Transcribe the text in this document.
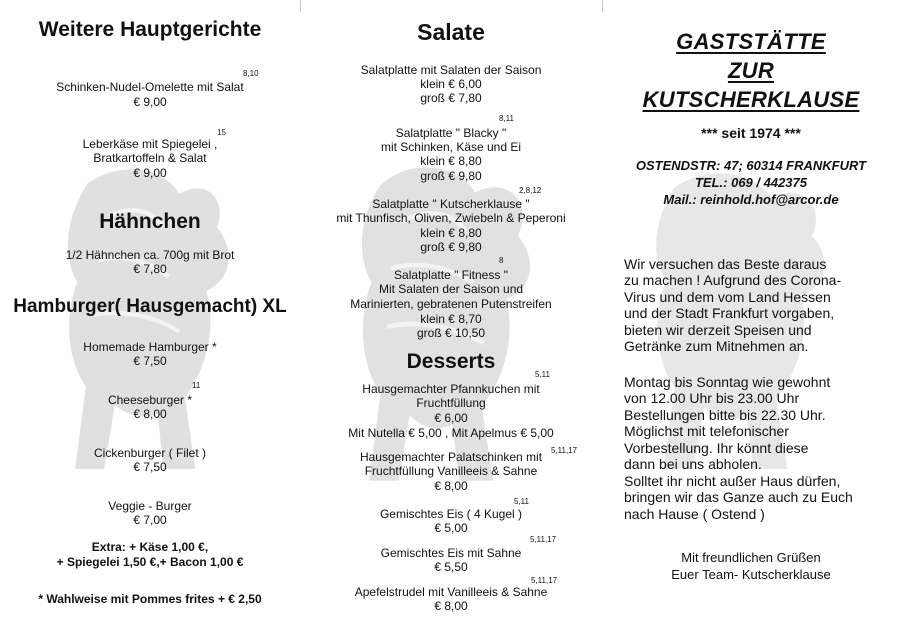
Weitere Hauptgerichte
8,10
Schinken-Nudel-Omelette mit Salat
€ 9,00
15
Leberkäse mit Spiegelei ,
Bratkartoffeln & Salat
€ 9,00
Hähnchen
1/2 Hähnchen ca. 700g mit Brot
€ 7,80
Hamburger( Hausgemacht) XL
Homemade Hamburger *
€ 7,50
11
Cheeseburger *
€ 8,00
Cickenburger ( Filet )
€ 7,50
Veggie - Burger
€ 7,00
Extra: + Käse 1,00 €,
+ Spiegelei 1,50 €,+ Bacon 1,00 €
* Wahlweise mit Pommes frites + € 2,50
Salate
Salatplatte mit Salaten der Saison
klein € 6,00
groß € 7,80
8,11
Salatplatte " Blacky "
mit Schinken, Käse und Ei
klein € 8,80
groß € 9,80
2,8,12
Salatplatte " Kutscherklause "
mit Thunfisch, Oliven, Zwiebeln & Peperoni
klein € 8,80
groß € 9,80
8
Salatplatte " Fitness "
Mit Salaten der Saison und
Marinierten, gebratenen Putenstreifen
klein € 8,70
groß € 10,50
Desserts
5,11
Hausgemachter Pfannkuchen mit
Fruchtfüllung
€ 6,00
Mit Nutella € 5,00 , Mit Apelmus € 5,00
5,11,17
Hausgemachter Palatschinken mit
Fruchtfüllung Vanilleeis & Sahne
€ 8,00
5,11
Gemischtes Eis ( 4 Kugel )
€ 5,00
5,11,17
Gemischtes Eis mit Sahne
€ 5,50
5,11,17
Apefelstrudel mit Vanilleeis & Sahne
€ 8,00
GASTSTÄTTE
ZUR
KUTSCHERKLAUSE
*** seit 1974 ***
OSTENDSTR: 47; 60314 FRANKFURT
TEL.: 069 / 442375
Mail.: reinhold.hof@arcor.de
Wir versuchen das Beste daraus
zu machen ! Aufgrund des Corona-
Virus und dem vom Land Hessen
und der Stadt Frankfurt vorgaben,
bieten wir derzeit Speisen und
Getränke zum Mitnehmen an.
Montag bis Sonntag wie gewohnt
von 12.00 Uhr bis 23.00 Uhr
Bestellungen bitte bis 22.30 Uhr.
Möglichst mit telefonischer
Vorbestellung. Ihr könnt diese
dann bei uns abholen.
Solltet ihr nicht außer Haus dürfen,
bringen wir das Ganze auch zu Euch
nach Hause ( Ostend )
Mit freundlichen Grüßen
Euer Team- Kutscherklause
